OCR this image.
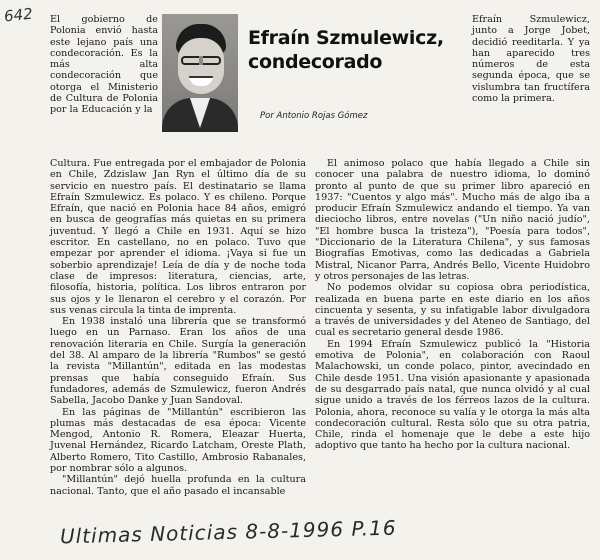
642 El gobierno de Polonia envió hasta este lejano país una condecoración. Es la más alta condecoración que otorga el Ministerio de Cultura de Polonia por la Educación y la

Efraín Szmulewicz, condecorado
Por Antonio Rojas Gómez

Efraín Szmulewicz, junto a Jorge Jobet, decidió reeditarla. Y ya han aparecido tres números de esta segunda época, que se vislumbra tan fructífera como la primera.

Cultura. Fue entregada por el embajador de Polonia en Chile, Zdzislaw Jan Ryn el último día de su servicio en nuestro país. El destinatario se llama Efraín Szmulewicz. Es polaco. Y es chileno. Porque Efraín, que nació en Polonia hace 84 años, emigró en busca de geografías más quietas en su primera juventud. Y llegó a Chile en 1931. Aquí se hizo escritor. En castellano, no en polaco. Tuvo que empezar por aprender el idioma. ¡Vaya si fue un soberbio aprendizaje! Leía de día y de noche toda clase de impresos: literatura, ciencias, arte, filosofía, historia, política. Los libros entraron por sus ojos y le llenaron el cerebro y el corazón. Por sus venas circula la tinta de imprenta.

En 1938 instaló una librería que se transformó luego en un Parnaso. Eran los años de una renovación literaria en Chile. Surgía la generación del 38. Al amparo de la librería "Rumbos" se gestó la revista "Millantún", editada en las modestas prensas que había conseguido Efraín. Sus fundadores, además de Szmulewicz, fueron Andrés Sabella, Jacobo Danke y Juan Sandoval.

En las páginas de "Millantún" escribieron las plumas más destacadas de esa época: Vicente Mengod, Antonio R. Romera, Eleazar Huerta, Juvenal Hernández, Ricardo Latcham, Oreste Plath, Alberto Romero, Tito Castillo, Ambrosio Rabanales, por nombrar sólo a algunos.

"Millantún" dejó huella profunda en la cultura nacional. Tanto, que el año pasado el incansable

El animoso polaco que había llegado a Chile sin conocer una palabra de nuestro idioma, lo dominó pronto al punto de que su primer libro apareció en 1937: "Cuentos y algo más". Mucho más de algo iba a producir Efraín Szmulewicz andando el tiempo. Ya van dieciocho libros, entre novelas ("Un niño nació judío", "El hombre busca la tristeza"), "Poesía para todos", "Diccionario de la Literatura Chilena", y sus famosas Biografías Emotivas, como las dedicadas a Gabriela Mistral, Nicanor Parra, Andrés Bello, Vicente Huidobro y otros personajes de las letras.

No podemos olvidar su copiosa obra periodística, realizada en buena parte en este diario en los años cincuenta y sesenta, y su infatigable labor divulgadora a través de universidades y del Ateneo de Santiago, del cual es secretario general desde 1986.

En 1994 Efraín Szmulewicz publicó la "Historia emotiva de Polonia", en colaboración con Raoul Malachowski, un conde polaco, pintor, avecindado en Chile desde 1951. Una visión apasionante y apasionada de su desgarrado país natal, que nunca olvidó y al cual sigue unido a través de los férreos lazos de la cultura. Polonia, ahora, reconoce su valía y le otorga la más alta condecoración cultural. Resta sólo que su otra patria, Chile, rinda el homenaje que le debe a este hijo adoptivo que tanto ha hecho por la cultura nacional.

Ultimas Noticias 8-8-1996 P.16
